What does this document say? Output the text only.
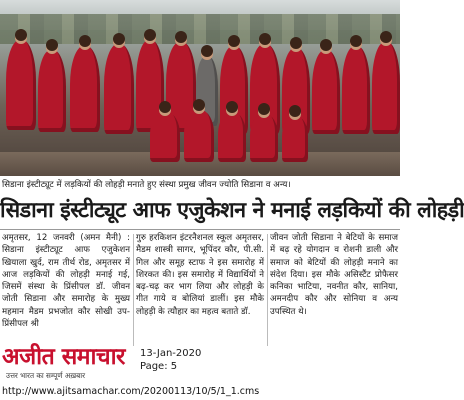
सिडाना इंस्टीट्यूट में लड़कियों की लोहड़ी मनाते हुए संस्था प्रमुख जीवन ज्योति सिडाना व अन्य।
सिडाना इंस्टीट्यूट आफ एजुकेशन ने मनाई लड़कियों की लोहड़ी
अमृतसर, 12 जनवरी (अमन मैनी) : सिडाना इंस्टीट्यूट आफ एजुकेशन खियाला खुर्द, राम तीर्थ रोड, अमृतसर में आज लड़कियों की लोहड़ी मनाई गई, जिसमें संस्था के प्रिंसीपल डॉ. जीवन जोती सिडाना और समारोह के मुख्य महमान मैडम प्रभजोत कौर सोखी उप-प्रिंसीपल श्री
गुरु हरकिशन इंटरनैशनल स्कूल अमृतसर, मैडम शास्त्री सागर, भूपिंदर कौर, पी.सी. गिल और समूह स्टाफ ने इस समारोह में शिरकत की। इस समारोह में विद्यार्थियों ने बढ़-चढ़ कर भाग लिया और लोहड़ी के गीत गाये व बोलियां डालीं। इस मौके लोहड़ी के त्यौहार का महत्व बताते डॉ.
जीवन जोती सिडाना ने बेटियों के समाज में बढ़ रहे योगदान व रोशनी डाली और समाज को बेटियों की लोहड़ी मनाने का संदेश दिया। इस मौके असिस्टैंट प्रोफैसर कनिका भाटिया, नवनीत कौर, सानिया, अमनदीप कौर और सोनिया व अन्य उपस्थित थे।
अजीत समाचार
उत्तर भारत का सम्पूर्ण अख़बार
13-Jan-2020
Page: 5
http://www.ajitsamachar.com/20200113/10/5/1_1.cms
